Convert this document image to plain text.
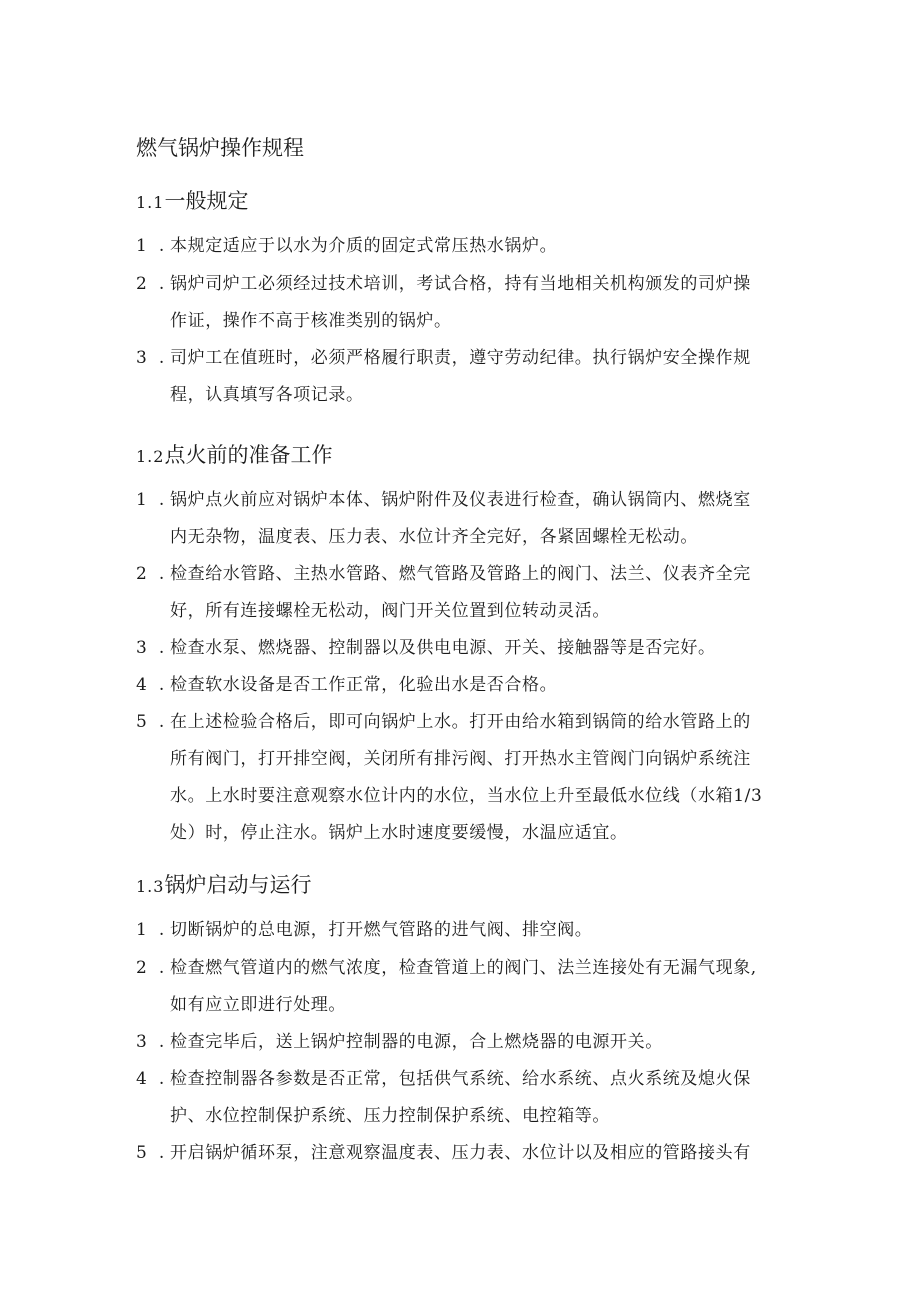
燃气锅炉操作规程
1.1一般规定
1 . 本规定适应于以水为介质的固定式常压热水锅炉。
2 . 锅炉司炉工必须经过技术培训，考试合格，持有当地相关机构颁发的司炉操
作证，操作不高于核准类别的锅炉。
3 . 司炉工在值班时，必须严格履行职责，遵守劳动纪律。执行锅炉安全操作规
程，认真填写各项记录。
1.2点火前的准备工作
1 . 锅炉点火前应对锅炉本体、锅炉附件及仪表进行检查，确认锅筒内、燃烧室
内无杂物，温度表、压力表、水位计齐全完好，各紧固螺栓无松动。
2 . 检查给水管路、主热水管路、燃气管路及管路上的阀门、法兰、仪表齐全完
好，所有连接螺栓无松动，阀门开关位置到位转动灵活。
3 . 检查水泵、燃烧器、控制器以及供电电源、开关、接触器等是否完好。
4 . 检查软水设备是否工作正常，化验出水是否合格。
5 . 在上述检验合格后，即可向锅炉上水。打开由给水箱到锅筒的给水管路上的
所有阀门，打开排空阀，关闭所有排污阀、打开热水主管阀门向锅炉系统注
水。上水时要注意观察水位计内的水位，当水位上升至最低水位线（水箱1/3
处）时，停止注水。锅炉上水时速度要缓慢，水温应适宜。
1.3锅炉启动与运行
1 . 切断锅炉的总电源，打开燃气管路的进气阀、排空阀。
2 . 检查燃气管道内的燃气浓度，检查管道上的阀门、法兰连接处有无漏气现象,
如有应立即进行处理。
3 . 检查完毕后，送上锅炉控制器的电源，合上燃烧器的电源开关。
4 . 检查控制器各参数是否正常，包括供气系统、给水系统、点火系统及熄火保
护、水位控制保护系统、压力控制保护系统、电控箱等。
5 . 开启锅炉循环泵，注意观察温度表、压力表、水位计以及相应的管路接头有
